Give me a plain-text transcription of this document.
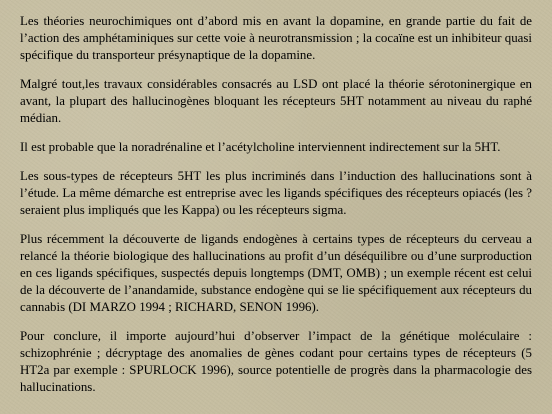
Les théories neurochimiques ont d’abord mis en avant la dopamine, en grande partie du fait de l’action des amphétaminiques sur cette voie à neurotransmission ; la cocaïne est un inhibiteur quasi spécifique du transporteur présynaptique de la dopamine.

Malgré tout,les travaux considérables consacrés au LSD ont placé la théorie sérotoninergique en avant, la plupart des hallucinogènes bloquant les récepteurs 5HT notamment au niveau du raphé médian.

Il est probable que la noradrénaline et l’acétylcholine interviennent indirectement sur la 5HT.

Les sous-types de récepteurs 5HT les plus incriminés dans l’induction des hallucinations sont à l’étude. La même démarche est entreprise avec les ligands spécifiques des récepteurs opiacés (les ? seraient plus impliqués que les Kappa) ou les récepteurs sigma.

Plus récemment la découverte de ligands endogènes à certains types de récepteurs du cerveau a relancé la théorie biologique des hallucinations au profit d’un déséquilibre ou d’une surproduction en ces ligands spécifiques, suspectés depuis longtemps (DMT, OMB) ; un exemple récent est celui de la découverte de l’anandamide, substance endogène qui se lie spécifiquement aux récepteurs du cannabis (DI MARZO 1994 ; RICHARD, SENON 1996).

Pour conclure, il importe aujourd’hui d’observer l’impact de la génétique moléculaire : schizophrénie ; décryptage des anomalies de gènes codant pour certains types de récepteurs (5 HT2a par exemple : SPURLOCK 1996), source potentielle de progrès dans la pharmacologie des hallucinations.
